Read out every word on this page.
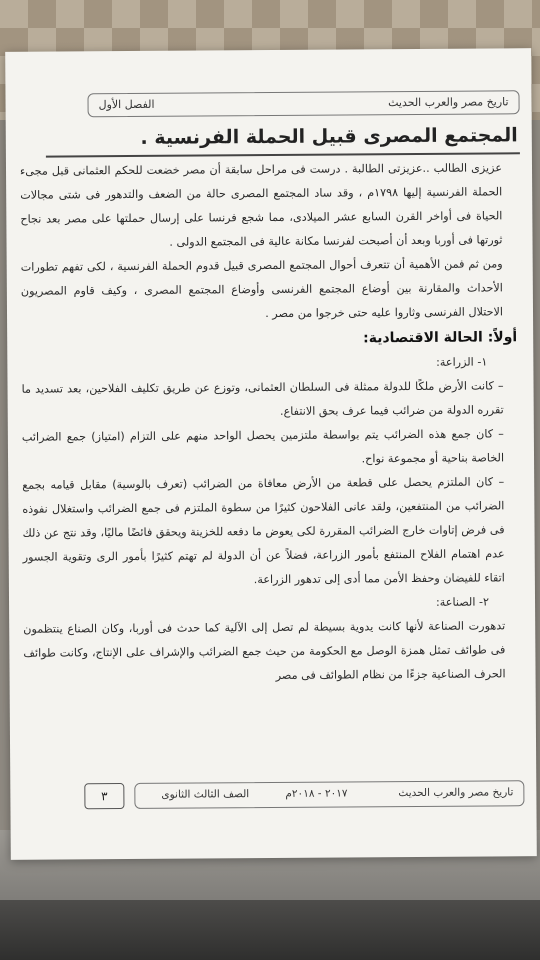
تاريخ مصر والعرب الحديث
الفصل الأول
المجتمع المصرى قبيل الحملة الفرنسية .

عزيزى الطالب ..عزيزتى الطالبة . درست فى مراحل سابقة أن مصر خضعت للحكم العثمانى قبل مجىء الحملة الفرنسية إليها ١٧٩٨م ، وقد ساد المجتمع المصرى حالة من الضعف والتدهور فى شتى مجالات الحياة فى أواخر القرن السابع عشر الميلادى، مما شجع فرنسا على إرسال حملتها على مصر بعد نجاح ثورتها فى أوربا وبعد أن أصبحت لفرنسا مكانة عالية فى المجتمع الدولى .

ومن ثم فمن الأهمية أن تتعرف أحوال المجتمع المصرى قبيل قدوم الحملة الفرنسية ، لكى تفهم تطورات الأحداث والمقارنة بين أوضاع المجتمع الفرنسى وأوضاع المجتمع المصرى ، وكيف قاوم المصريون الاحتلال الفرنسى وثاروا عليه حتى خرجوا من مصر .

أولاً: الحالة الاقتصادية:

١- الزراعة:

– كانت الأرض ملكًا للدولة ممثلة فى السلطان العثمانى، وتوزع عن طريق تكليف الفلاحين، بعد تسديد ما تقرره الدولة من ضرائب فيما عرف بحق الانتفاع.

– كان جمع هذه الضرائب يتم بواسطة ملتزمين يحصل الواحد منهم على التزام (امتياز) جمع الضرائب الخاصة بناحية أو مجموعة نواح.

– كان الملتزم يحصل على قطعة من الأرض معافاة من الضرائب (تعرف بالوسية) مقابل قيامه بجمع الضرائب من المنتفعين، ولقد عانى الفلاحون كثيرًا من سطوة الملتزم فى جمع الضرائب واستغلال نفوذه فى فرض إتاوات خارج الضرائب المقررة لكى يعوض ما دفعه للخزينة ويحقق فائضًا ماليًا، وقد نتج عن ذلك عدم اهتمام الفلاح المنتفع بأمور الزراعة، فضلاً عن أن الدولة لم تهتم كثيرًا بأمور الرى وتقوية الجسور اتقاء للفيضان وحفظ الأمن مما أدى إلى تدهور الزراعة.

٢- الصناعة:

تدهورت الصناعة لأنها كانت يدوية بسيطة لم تصل إلى الآلية كما حدث فى أوربا، وكان الصناع ينتظمون فى طوائف تمثل همزة الوصل مع الحكومة من حيث جمع الضرائب والإشراف على الإنتاج، وكانت طوائف الحرف الصناعية جزءًا من نظام الطوائف فى مصر

تاريخ مصر والعرب الحديث
٢٠١٧ - ٢٠١٨م
الصف الثالث الثانوى
٣
